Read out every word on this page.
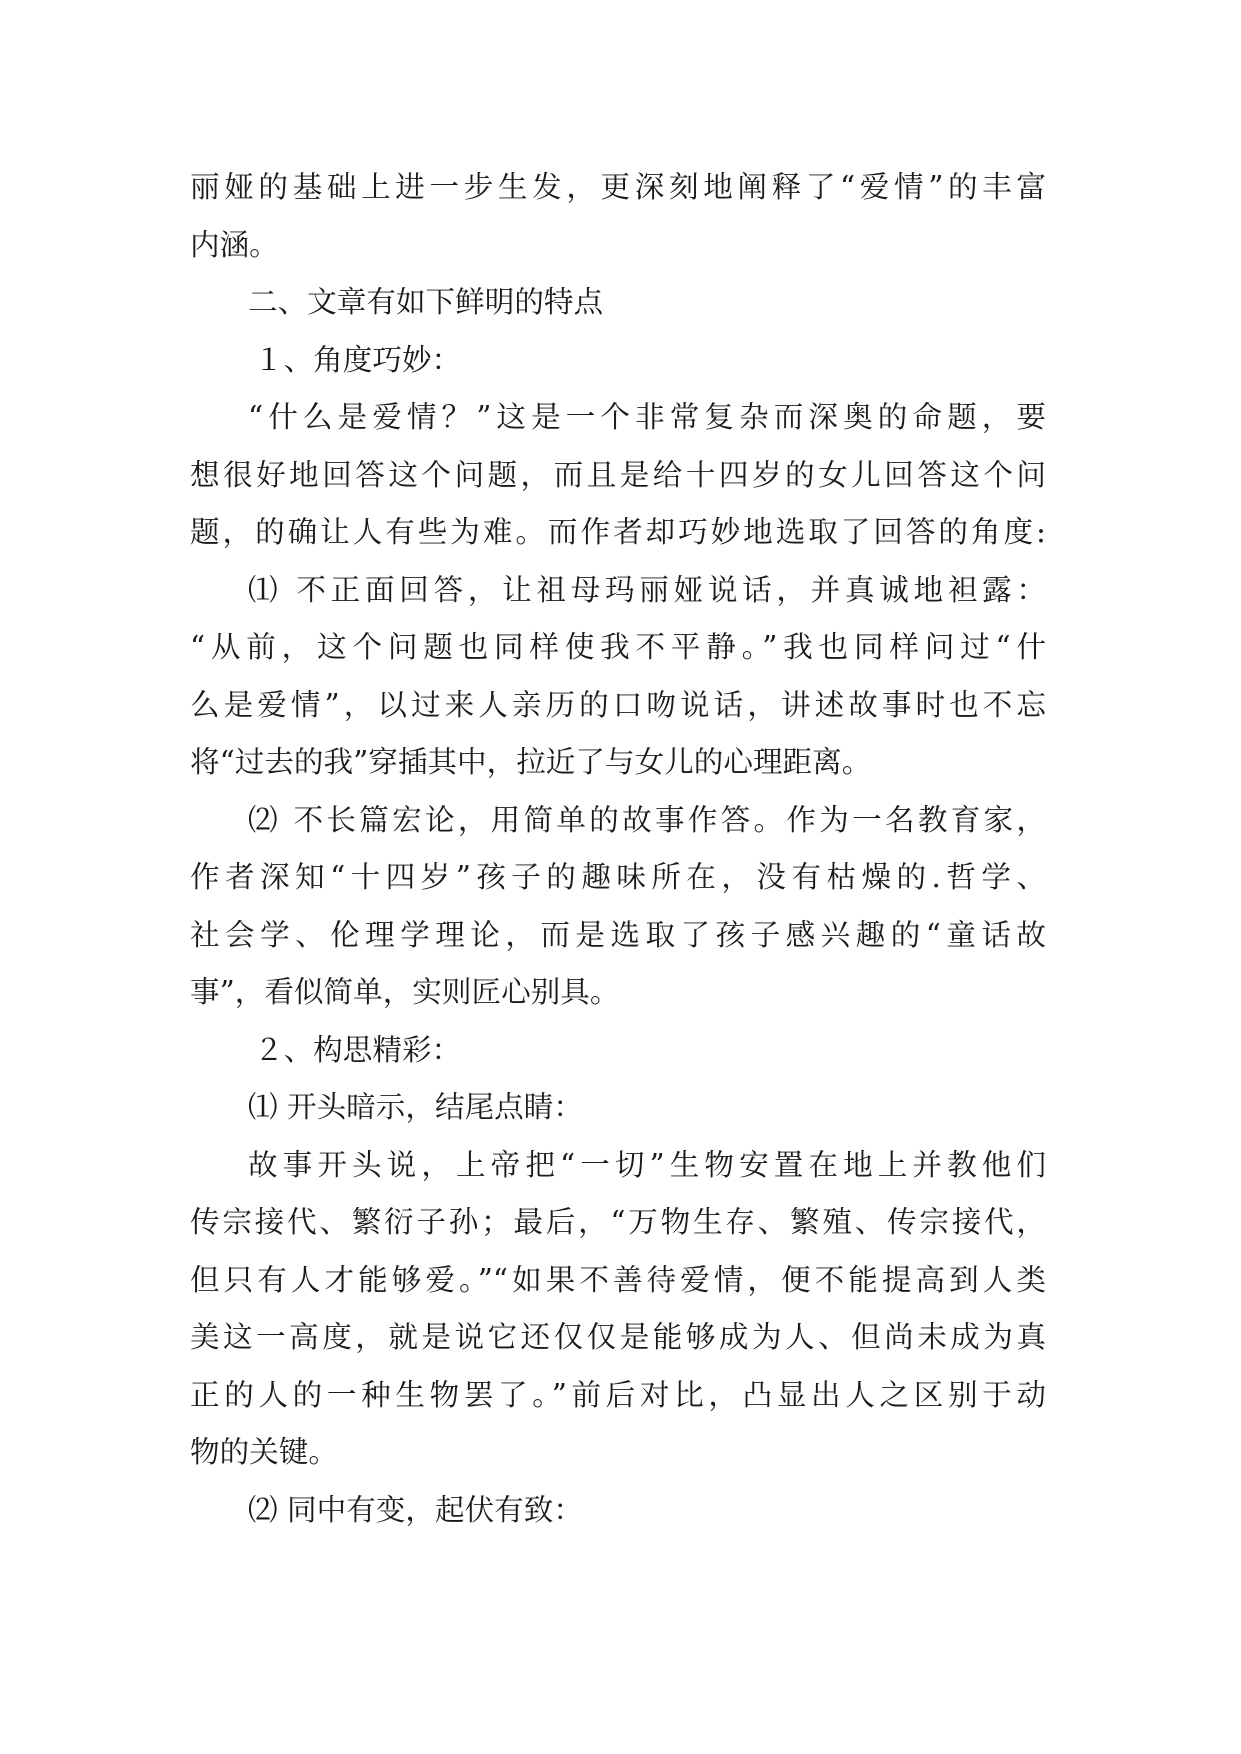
丽娅的基础上进一步生发，更深刻地阐释了“爱情”的丰富
内涵。
二、文章有如下鲜明的特点
１、角度巧妙：
“什么是爱情？”这是一个非常复杂而深奥的命题，要
想很好地回答这个问题，而且是给十四岁的女儿回答这个问
题，的确让人有些为难。而作者却巧妙地选取了回答的角度:
⑴ 不正面回答，让祖母玛丽娅说话，并真诚地袒露：
“从前，这个问题也同样使我不平静。”我也同样问过“什
么是爱情”，以过来人亲历的口吻说话，讲述故事时也不忘
将“过去的我”穿插其中，拉近了与女儿的心理距离。
⑵ 不长篇宏论，用简单的故事作答。作为一名教育家，
作者深知“十四岁”孩子的趣味所在，没有枯燥的.哲学、
社会学、伦理学理论，而是选取了孩子感兴趣的“童话故
事”，看似简单，实则匠心别具。
２、构思精彩：
⑴ 开头暗示，结尾点睛：
故事开头说，上帝把“一切”生物安置在地上并教他们
传宗接代、繁衍子孙；最后，“万物生存、繁殖、传宗接代，
但只有人才能够爱。”“如果不善待爱情，便不能提高到人类
美这一高度，就是说它还仅仅是能够成为人、但尚未成为真
正的人的一种生物罢了。”前后对比，凸显出人之区别于动
物的关键。
⑵ 同中有变，起伏有致：
